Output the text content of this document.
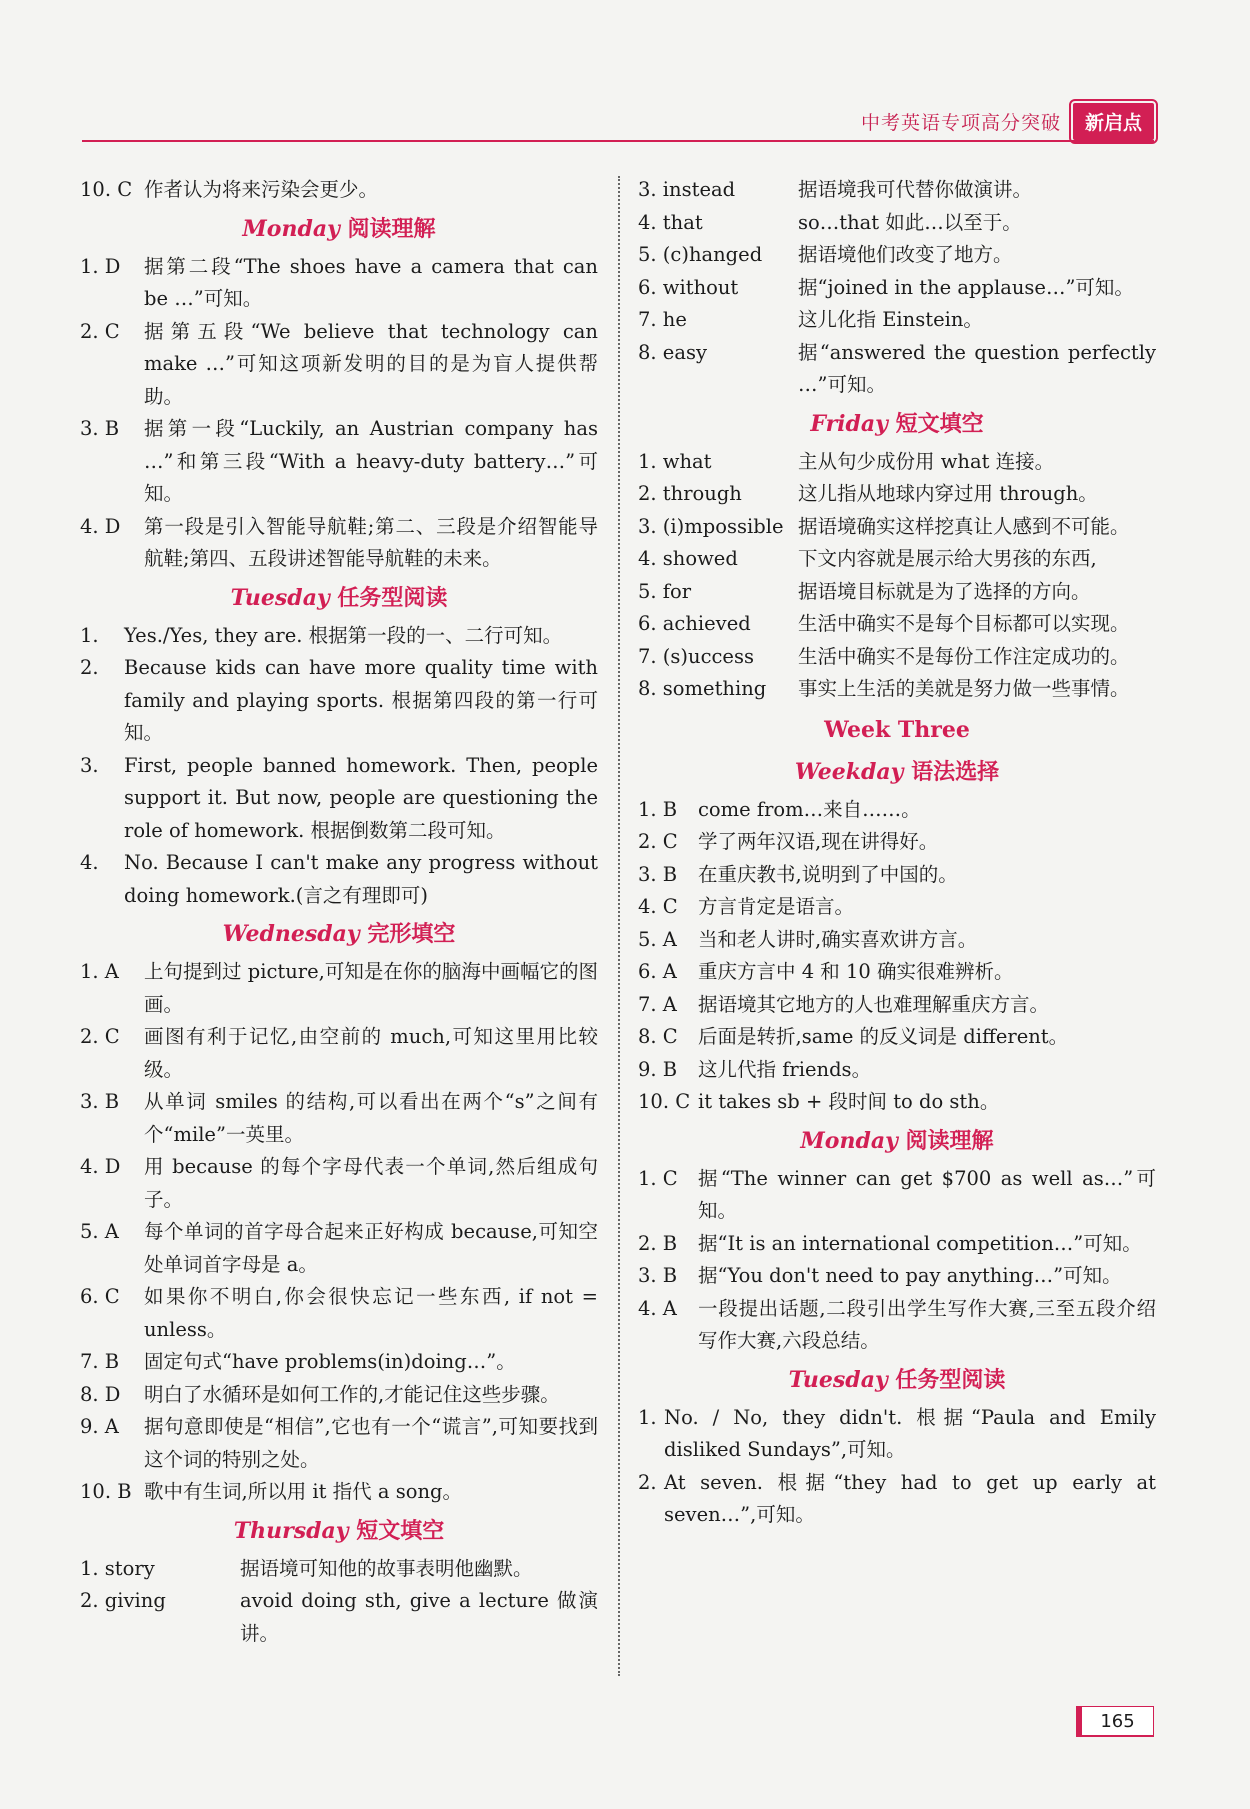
中考英语专项高分突破	新启点
10. C 作者认为将来污染会更少。
Monday 阅读理解
1. D	据第二段“The shoes have a camera that can be …”可知。
2. C	据第五段“We believe that technology can make …”可知这项新发明的目的是为盲人提供帮助。
3. B	据第一段“Luckily, an Austrian company has …”和第三段“With a heavy-duty battery…”可知。
4. D	第一段是引入智能导航鞋;第二、三段是介绍智能导航鞋;第四、五段讲述智能导航鞋的未来。
Tuesday 任务型阅读
1.	Yes./Yes, they are. 根据第一段的一、二行可知。
2.	Because kids can have more quality time with family and playing sports. 根据第四段的第一行可知。
3.	First, people banned homework. Then, people support it. But now, people are questioning the role of homework. 根据倒数第二段可知。
4.	No. Because I can't make any progress without doing homework.(言之有理即可)
Wednesday 完形填空
1. A	上句提到过 picture,可知是在你的脑海中画幅它的图画。
2. C	画图有利于记忆,由空前的 much,可知这里用比较级。
3. B	从单词 smiles 的结构,可以看出在两个“s”之间有个“mile”一英里。
4. D	用 because 的每个字母代表一个单词,然后组成句子。
5. A	每个单词的首字母合起来正好构成 because,可知空处单词首字母是 a。
6. C	如果你不明白,你会很快忘记一些东西, if not = unless。
7. B	固定句式“have problems(in)doing…”。
8. D	明白了水循环是如何工作的,才能记住这些步骤。
9. A	据句意即使是“相信”,它也有一个“谎言”,可知要找到这个词的特别之处。
10. B 歌中有生词,所以用 it 指代 a song。
Thursday 短文填空
1. story	据语境可知他的故事表明他幽默。
2. giving	avoid doing sth, give a lecture 做演讲。
3. instead	据语境我可代替你做演讲。
4. that	so…that 如此…以至于。
5. (c)hanged	据语境他们改变了地方。
6. without	据“joined in the applause…”可知。
7. he	这儿化指 Einstein。
8. easy	据“answered the question perfectly …”可知。
Friday 短文填空
1. what	主从句少成份用 what 连接。
2. through	这儿指从地球内穿过用 through。
3. (i)mpossible 据语境确实这样挖真让人感到不可能。
4. showed	下文内容就是展示给大男孩的东西,
5. for	据语境目标就是为了选择的方向。
6. achieved	生活中确实不是每个目标都可以实现。
7. (s)uccess	生活中确实不是每份工作注定成功的。
8. something	事实上生活的美就是努力做一些事情。
Week Three
Weekday 语法选择
1. B	come from…来自……。
2. C	学了两年汉语,现在讲得好。
3. B	在重庆教书,说明到了中国的。
4. C	方言肯定是语言。
5. A	当和老人讲时,确实喜欢讲方言。
6. A	重庆方言中 4 和 10 确实很难辨析。
7. A	据语境其它地方的人也难理解重庆方言。
8. C	后面是转折,same 的反义词是 different。
9. B	这儿代指 friends。
10. C it takes sb + 段时间 to do sth。
Monday 阅读理解
1. C	据“The winner can get $700 as well as…”可知。
2. B	据“It is an international competition…”可知。
3. B	据“You don't need to pay anything…”可知。
4. A	一段提出话题,二段引出学生写作大赛,三至五段介绍写作大赛,六段总结。
Tuesday 任务型阅读
1. No. / No, they didn't. 根据“Paula and Emily disliked Sundays”,可知。
2. At seven. 根据“they had to get up early at seven…”,可知。
165
